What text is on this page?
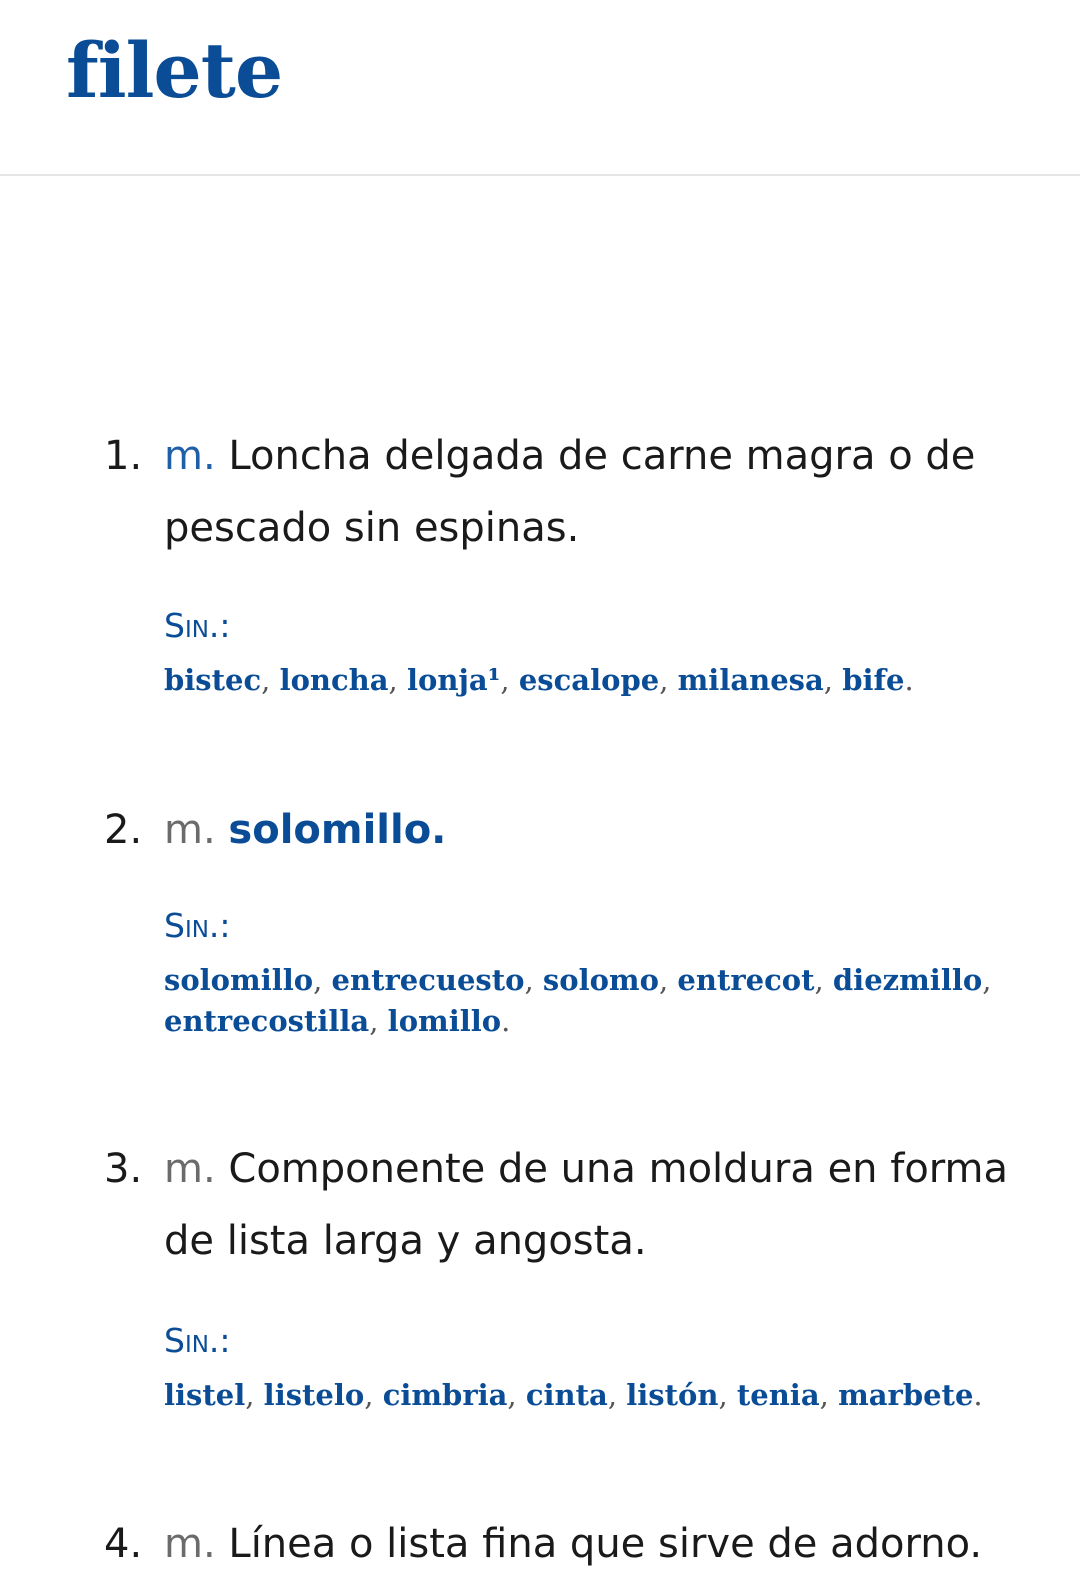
filete
1. m. Loncha delgada de carne magra o de pescado sin espinas.
Sin.:
bistec, loncha, lonja¹, escalope, milanesa, bife.
2. m. solomillo.
Sin.:
solomillo, entrecuesto, solomo, entrecot, diezmillo, entrecostilla, lomillo.
3. m. Componente de una moldura en forma de lista larga y angosta.
Sin.:
listel, listelo, cimbria, cinta, listón, tenia, marbete.
4. m. Línea o lista fina que sirve de adorno.
